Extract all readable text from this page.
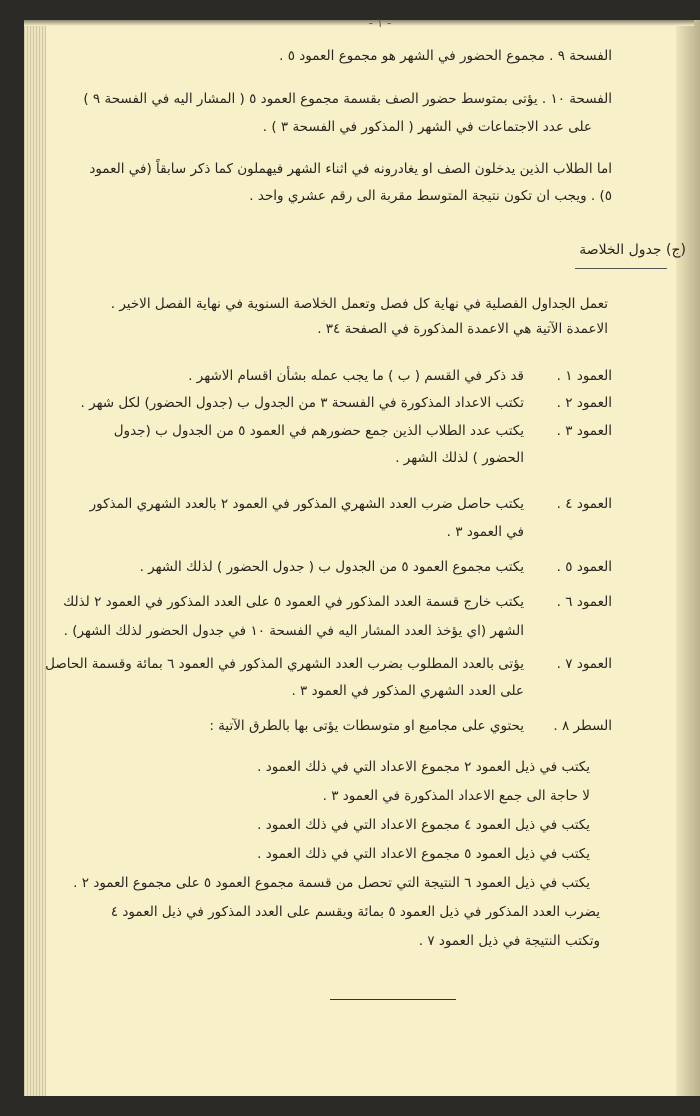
- ١ -
الفسحة ٩ . مجموع الحضور في الشهر هو مجموع العمود ٥ .
الفسحة ١٠ . يؤتى بمتوسط حضور الصف بقسمة مجموع العمود ٥ ( المشار اليه في الفسحة ٩ )
على عدد الاجتماعات في الشهر ( المذكور في الفسحة ٣ ) .
اما الطلاب الذين يدخلون الصف او يغادرونه في اثناء الشهر فيهملون كما ذكر سابقاً (في العمود
٥) . ويجب ان تكون نتيجة المتوسط مقربة الى رقم عشري واحد .
(ج) جدول الخلاصة
تعمل الجداول الفصلية في نهاية كل فصل وتعمل الخلاصة السنوية في نهاية الفصل الاخير .
الاعمدة الآتية هي الاعمدة المذكورة في الصفحة ٣٤ .
العمود ١ .قد ذكر في القسم ( ب ) ما يجب عمله بشأن اقسام الاشهر .
العمود ٢ .تكتب الاعداد المذكورة في الفسحة ٣ من الجدول ب (جدول الحضور) لكل شهر .
العمود ٣ .يكتب عدد الطلاب الذين جمع حضورهم في العمود ٥ من الجدول ب (جدول
الحضور ) لذلك الشهر .
العمود ٤ .يكتب حاصل ضرب العدد الشهري المذكور في العمود ٢ بالعدد الشهري المذكور
في العمود ٣ .
العمود ٥ .يكتب مجموع العمود ٥ من الجدول ب ( جدول الحضور ) لذلك الشهر .
العمود ٦ .يكتب خارج قسمة العدد المذكور في العمود ٥ على العدد المذكور في العمود ٢ لذلك
الشهر (اي يؤخذ العدد المشار اليه في الفسحة ١٠ في جدول الحضور لذلك الشهر) .
العمود ٧ .يؤتى بالعدد المطلوب بضرب العدد الشهري المذكور في العمود ٦ بمائة وقسمة الحاصل
على العدد الشهري المذكور في العمود ٣ .
السطر ٨ .يحتوي على مجاميع او متوسطات يؤتى بها بالطرق الآتية :
يكتب في ذيل العمود ٢ مجموع الاعداد التي في ذلك العمود .
لا حاجة الى جمع الاعداد المذكورة في العمود ٣ .
يكتب في ذيل العمود ٤ مجموع الاعداد التي في ذلك العمود .
يكتب في ذيل العمود ٥ مجموع الاعداد التي في ذلك العمود .
يكتب في ذيل العمود ٦ النتيجة التي تحصل من قسمة مجموع العمود ٥ على مجموع العمود ٢ .
يضرب العدد المذكور في ذيل العمود ٥ بمائة ويقسم على العدد المذكور في ذيل العمود ٤
وتكتب النتيجة في ذيل العمود ٧ .
